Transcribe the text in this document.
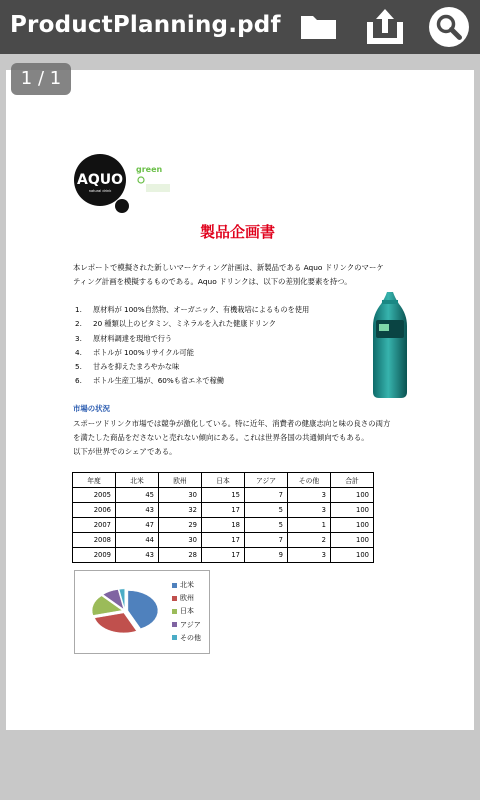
ProductPlanning.pdf
1 / 1
AQUO
natural drink
green
製品企画書
本レポートで模擬された新しいマーケティング計画は、新製品である Aquo ドリンクのマーケ
ティング計画を模擬するものである。Aquo ドリンクは、以下の差別化要素を持つ。
1. 原材料が 100%自然物、オーガニック、有機栽培によるものを使用
2. 20 種類以上のビタミン、ミネラルを入れた健康ドリンク
3. 原材料調達を現地で行う
4. ボトルが 100%リサイクル可能
5. 甘みを抑えたまろやかな味
6. ボトル生産工場が、60%も省エネで稼働
市場の状況
スポーツドリンク市場では競争が激化している。特に近年、消費者の健康志向と味の良さの両方
を満たした商品をださないと売れない傾向にある。これは世界各国の共通傾向でもある。
以下が世界でのシェアである。
年度	北米	欧州	日本	アジア	その他	合計
2005	45	30	15	7	3	100
2006	43	32	17	5	3	100
2007	47	29	18	5	1	100
2008	44	30	17	7	2	100
2009	43	28	17	9	3	100
北米
欧州
日本
アジア
その他
